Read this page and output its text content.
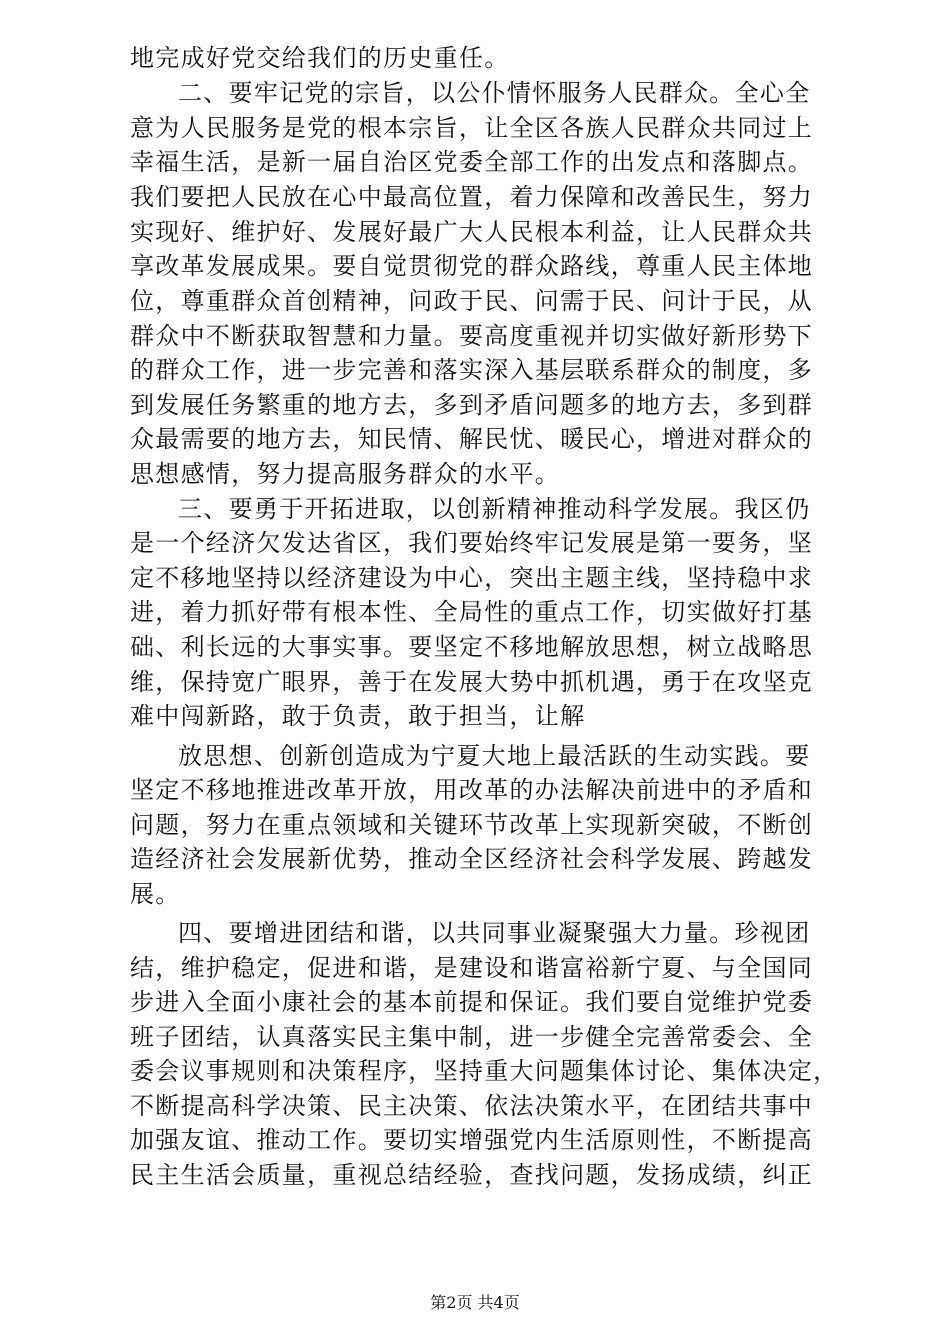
地完成好党交给我们的历史重任。
二、要牢记党的宗旨，以公仆情怀服务人民群众。全心全
意为人民服务是党的根本宗旨，让全区各族人民群众共同过上
幸福生活，是新一届自治区党委全部工作的出发点和落脚点。
我们要把人民放在心中最高位置，着力保障和改善民生，努力
实现好、维护好、发展好最广大人民根本利益，让人民群众共
享改革发展成果。要自觉贯彻党的群众路线，尊重人民主体地
位，尊重群众首创精神，问政于民、问需于民、问计于民，从
群众中不断获取智慧和力量。要高度重视并切实做好新形势下
的群众工作，进一步完善和落实深入基层联系群众的制度，多
到发展任务繁重的地方去，多到矛盾问题多的地方去，多到群
众最需要的地方去，知民情、解民忧、暖民心，增进对群众的
思想感情，努力提高服务群众的水平。
三、要勇于开拓进取，以创新精神推动科学发展。我区仍
是一个经济欠发达省区，我们要始终牢记发展是第一要务，坚
定不移地坚持以经济建设为中心，突出主题主线，坚持稳中求
进，着力抓好带有根本性、全局性的重点工作，切实做好打基
础、利长远的大事实事。要坚定不移地解放思想，树立战略思
维，保持宽广眼界，善于在发展大势中抓机遇，勇于在攻坚克
难中闯新路，敢于负责，敢于担当，让解
放思想、创新创造成为宁夏大地上最活跃的生动实践。要
坚定不移地推进改革开放，用改革的办法解决前进中的矛盾和
问题，努力在重点领域和关键环节改革上实现新突破，不断创
造经济社会发展新优势，推动全区经济社会科学发展、跨越发
展。
四、要增进团结和谐，以共同事业凝聚强大力量。珍视团
结，维护稳定，促进和谐，是建设和谐富裕新宁夏、与全国同
步进入全面小康社会的基本前提和保证。我们要自觉维护党委
班子团结，认真落实民主集中制，进一步健全完善常委会、全
委会议事规则和决策程序，坚持重大问题集体讨论、集体决定，
不断提高科学决策、民主决策、依法决策水平，在团结共事中
加强友谊、推动工作。要切实增强党内生活原则性，不断提高
民主生活会质量，重视总结经验，查找问题，发扬成绩，纠正
第2页 共4页
